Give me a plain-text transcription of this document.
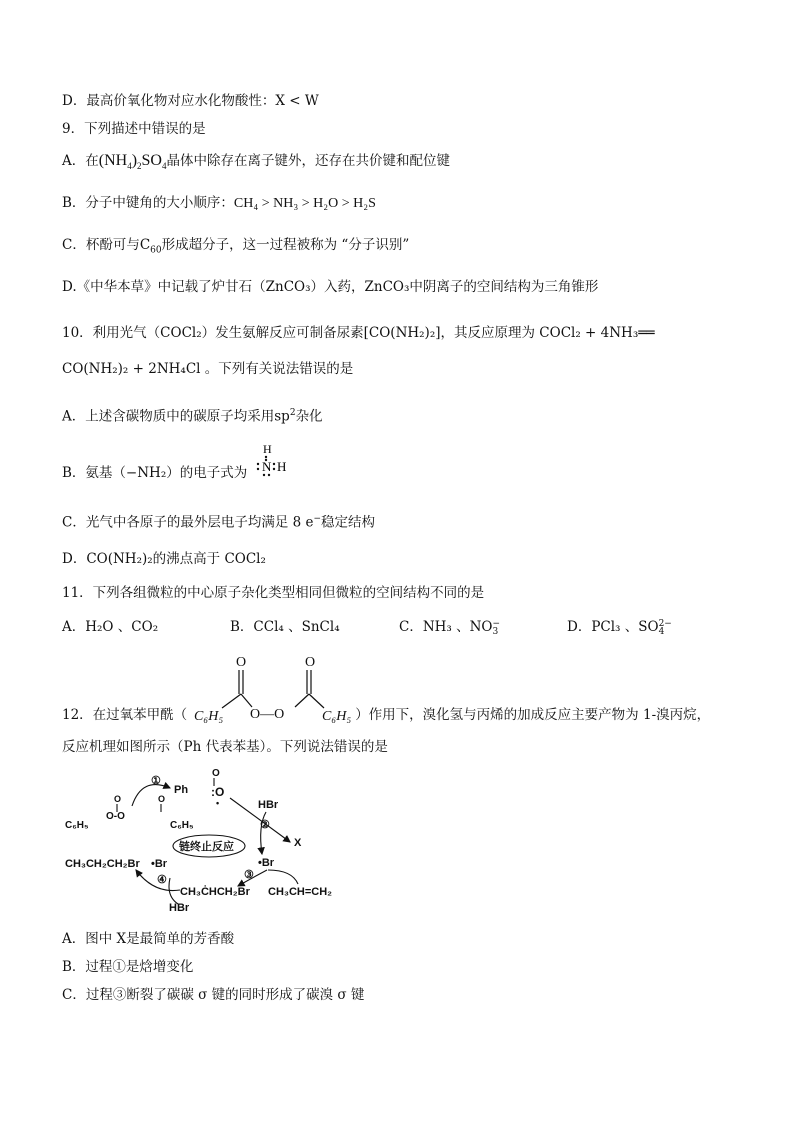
D．最高价氧化物对应水化物酸性：X < W
9．下列描述中错误的是
A．在$(NH_4)_2SO_4$晶体中除存在离子键外，还存在共价键和配位键
B．分子中键角的大小顺序：CH₄ > NH₃ > H₂O > H₂S
C．杯酚可与$C_{60}$形成超分子，这一过程被称为 “分子识别”
D.《中华本草》中记载了炉甘石（ZnCO₃）入药，ZnCO₃中阴离子的空间结构为三角锥形
10．利用光气（COCl₂）发生氨解反应可制备尿素[CO(NH₂)₂]，其反应原理为 COCl₂ + 4NH₃══
CO(NH₂)₂ + 2NH₄Cl 。下列有关说法错误的是
A．上述含碳物质中的碳原子均采用$sp^2$杂化
B．氨基（−NH₂）的电子式为
H
N H
C．光气中各原子的最外层电子均满足 8 e−稳定结构
D．CO(NH₂)₂的沸点高于 COCl₂
11．下列各组微粒的中心原子杂化类型相同但微粒的空间结构不同的是
A．H₂O 、CO₂	B．CCl₄ 、SnCl₄	C．NH₃ 、NO −
3	D．PCl₃ 、SO 2−
4
12．在过氧苯甲酰（	）作用下，溴化氢与丙烯的加成反应主要产物为 1-溴丙烷，
O	O
C₆H₅ O—O	C₆H₅
反应机理如图所示（Ph 代表苯基）。下列说法错误的是
Ph
O
O
:
•
①
HBr
②
X
C₆H₅
O-O
C₆H₅
O	O
链终止反应
CH₃CH₂CH₂Br •Br	•Br
④	③
CH₃ĊHCH₂Br CH₃CH=CH₂
HBr
A．图中 X是最简单的芳香酸
B．过程①是焓增变化
C．过程③断裂了碳碳 σ 键的同时形成了碳溴 σ 键
